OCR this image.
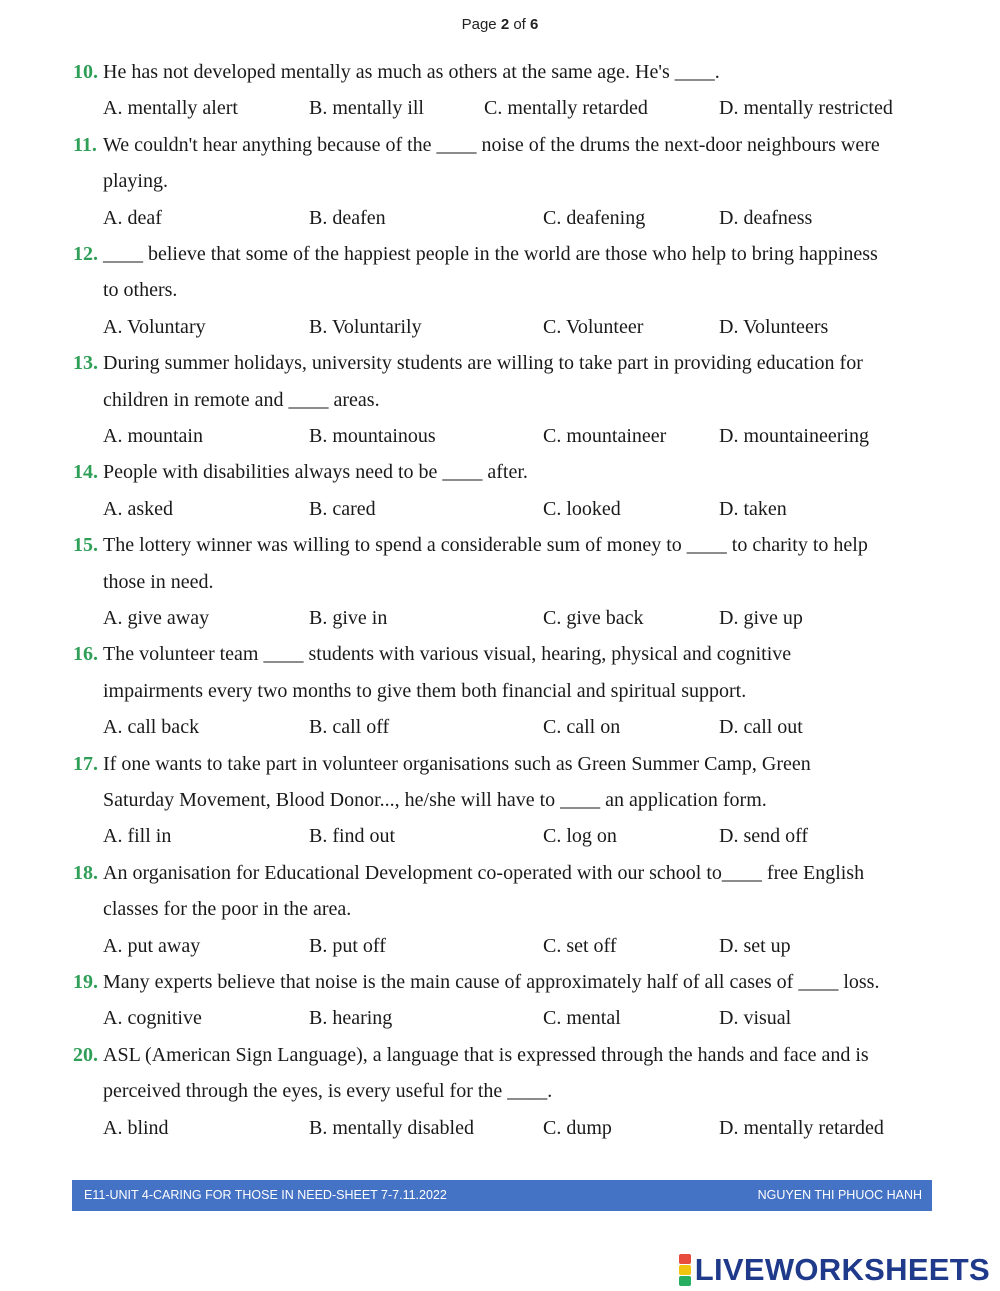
Page 2 of 6
10. He has not developed mentally as much as others at the same age. He's ____.
A. mentally alert	B. mentally ill	C. mentally retarded	D. mentally restricted
11. We couldn't hear anything because of the ____ noise of the drums the next-door neighbours were
playing.
A. deaf	B. deafen	C. deafening	D. deafness
12. ____ believe that some of the happiest people in the world are those who help to bring happiness
to others.
A. Voluntary	B. Voluntarily	C. Volunteer	D. Volunteers
13. During summer holidays, university students are willing to take part in providing education for
children in remote and ____ areas.
A. mountain	B. mountainous	C. mountaineer	D. mountaineering
14. People with disabilities always need to be ____ after.
A. asked	B. cared	C. looked	D. taken
15. The lottery winner was willing to spend a considerable sum of money to ____ to charity to help
those in need.
A. give away	B. give in	C. give back	D. give up
16. The volunteer team ____ students with various visual, hearing, physical and cognitive
impairments every two months to give them both financial and spiritual support.
A. call back	B. call off	C. call on	D. call out
17. If one wants to take part in volunteer organisations such as Green Summer Camp, Green
Saturday Movement, Blood Donor..., he/she will have to ____ an application form.
A. fill in	B. find out	C. log on	D. send off
18. An organisation for Educational Development co-operated with our school to____ free English
classes for the poor in the area.
A. put away	B. put off	C. set off	D. set up
19. Many experts believe that noise is the main cause of approximately half of all cases of ____ loss.
A. cognitive	B. hearing	C. mental	D. visual
20. ASL (American Sign Language), a language that is expressed through the hands and face and is
perceived through the eyes, is every useful for the ____.
A. blind	B. mentally disabled	C. dump	D. mentally retarded
E11-UNIT 4-CARING FOR THOSE IN NEED-SHEET 7-7.11.2022	NGUYEN THI PHUOC HANH
LIVEWORKSHEETS
